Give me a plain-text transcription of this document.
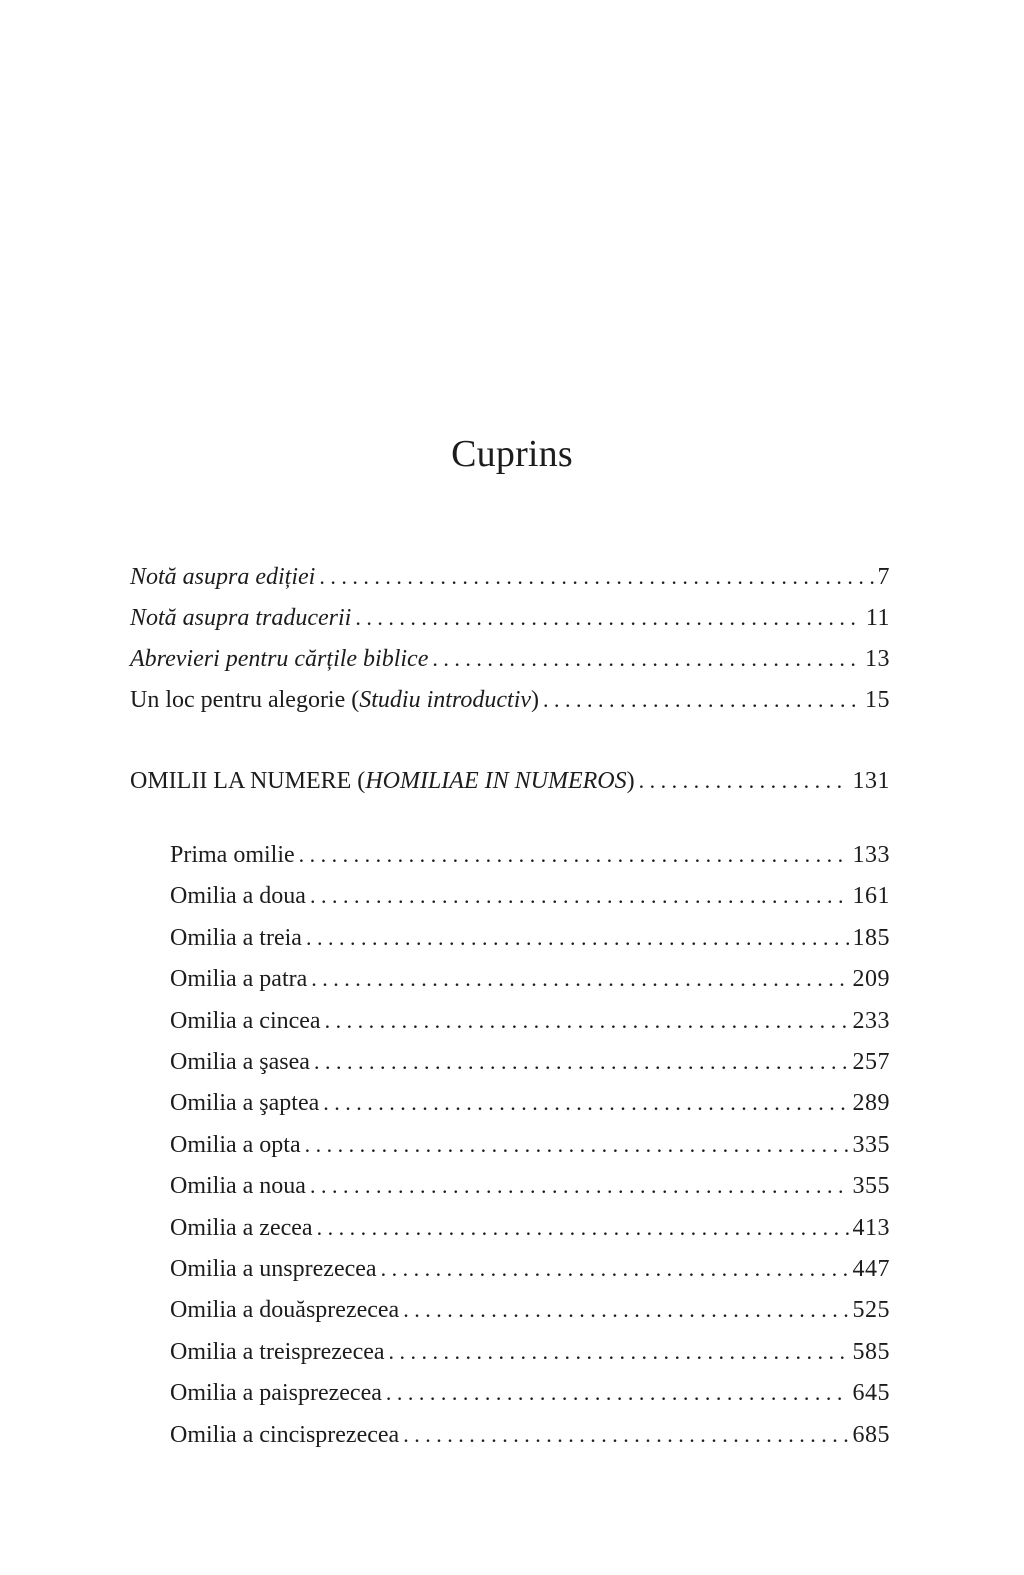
Cuprins
Notă asupra ediției . . .	7
Notă asupra traducerii . . .	11
Abrevieri pentru cărțile biblice . . .	13
Un loc pentru alegorie (Studiu introductiv) . . .	15
OMILII LA NUMERE (HOMILIAE IN NUMEROS) . . .	131
Prima omilie . . .	133
Omilia a doua . . .	161
Omilia a treia . . .	185
Omilia a patra . . .	209
Omilia a cincea . . .	233
Omilia a şasea . . .	257
Omilia a şaptea . . .	289
Omilia a opta . . .	335
Omilia a noua . . .	355
Omilia a zecea . . .	413
Omilia a unsprezecea . . .	447
Omilia a douăsprezecea . . .	525
Omilia a treisprezecea . . .	585
Omilia a paisprezecea . . .	645
Omilia a cincisprezecea . . .	685
